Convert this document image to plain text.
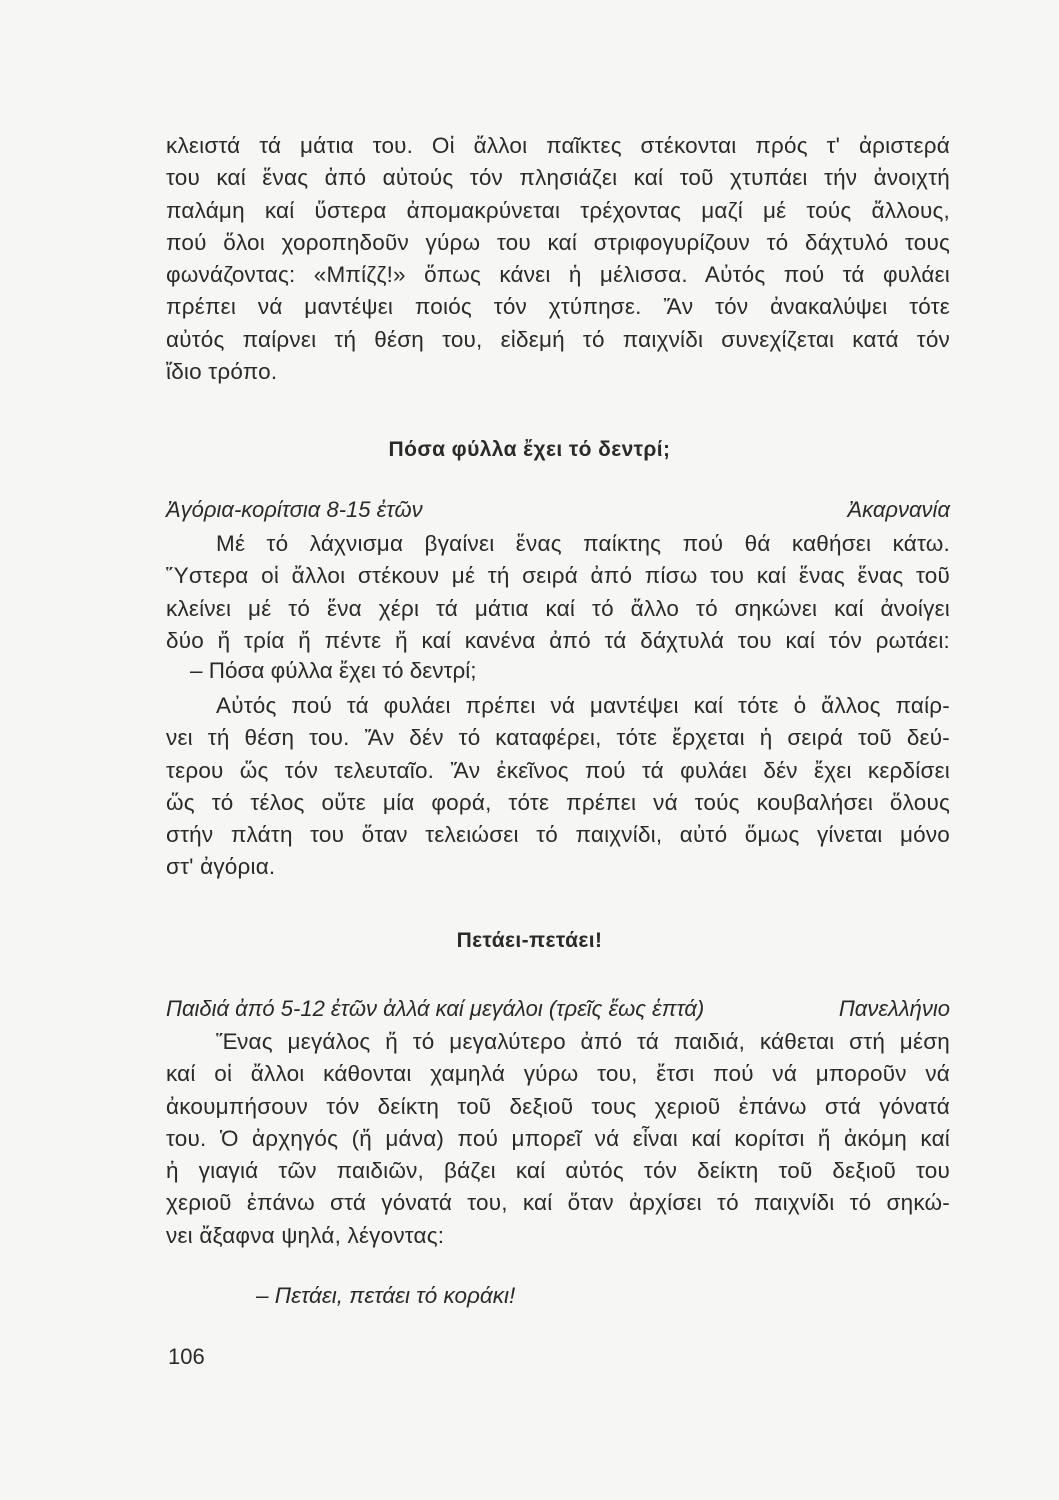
κλειστά τά μάτια του. Οἱ ἄλλοι παῖκτες στέκονται πρός τ' ἀριστερά
του καί ἕνας ἀπό αὐτούς τόν πλησιάζει καί τοῦ χτυπάει τήν ἀνοιχτή
παλάμη καί ὕστερα ἀπομακρύνεται τρέχοντας μαζί μέ τούς ἄλλους,
πού ὅλοι χοροπηδοῦν γύρω του καί στριφογυρίζουν τό δάχτυλό τους
φωνάζοντας: «Μπίζζ!» ὅπως κάνει ἡ μέλισσα. Αὐτός πού τά φυλάει
πρέπει νά μαντέψει ποιός τόν χτύπησε. Ἄν τόν ἀνακαλύψει τότε
αὐτός παίρνει τή θέση του, εἰδεμή τό παιχνίδι συνεχίζεται κατά τόν
ἴδιο τρόπο.
Πόσα φύλλα ἔχει τό δεντρί;
Ἀγόρια-κορίτσια 8-15 ἐτῶν	Ἀκαρνανία
Μέ τό λάχνισμα βγαίνει ἕνας παίκτης πού θά καθήσει κάτω.
Ὕστερα οἱ ἄλλοι στέκουν μέ τή σειρά ἀπό πίσω του καί ἕνας ἕνας τοῦ
κλείνει μέ τό ἕνα χέρι τά μάτια καί τό ἄλλο τό σηκώνει καί ἀνοίγει
δύο ἤ τρία ἤ πέντε ἤ καί κανένα ἀπό τά δάχτυλά του καί τόν ρωτάει:
– Πόσα φύλλα ἔχει τό δεντρί;
Αὐτός πού τά φυλάει πρέπει νά μαντέψει καί τότε ὁ ἄλλος παίρ-
νει τή θέση του. Ἄν δέν τό καταφέρει, τότε ἔρχεται ἡ σειρά τοῦ δεύ-
τερου ὥς τόν τελευταῖο. Ἄν ἐκεῖνος πού τά φυλάει δέν ἔχει κερδίσει
ὥς τό τέλος οὔτε μία φορά, τότε πρέπει νά τούς κουβαλήσει ὅλους
στήν πλάτη του ὅταν τελειώσει τό παιχνίδι, αὐτό ὅμως γίνεται μόνο
στ' ἀγόρια.
Πετάει-πετάει!
Παιδιά ἀπό 5-12 ἐτῶν ἀλλά καί μεγάλοι (τρεῖς ἕως ἑπτά)	Πανελλήνιο
Ἕνας μεγάλος ἤ τό μεγαλύτερο ἀπό τά παιδιά, κάθεται στή μέση
καί οἱ ἄλλοι κάθονται χαμηλά γύρω του, ἔτσι πού νά μποροῦν νά
ἀκουμπήσουν τόν δείκτη τοῦ δεξιοῦ τους χεριοῦ ἐπάνω στά γόνατά
του. Ὁ ἀρχηγός (ἤ μάνα) πού μπορεῖ νά εἶναι καί κορίτσι ἤ ἀκόμη καί
ἡ γιαγιά τῶν παιδιῶν, βάζει καί αὐτός τόν δείκτη τοῦ δεξιοῦ του
χεριοῦ ἐπάνω στά γόνατά του, καί ὅταν ἀρχίσει τό παιχνίδι τό σηκώ-
νει ἄξαφνα ψηλά, λέγοντας:
– Πετάει, πετάει τό κοράκι!
106
